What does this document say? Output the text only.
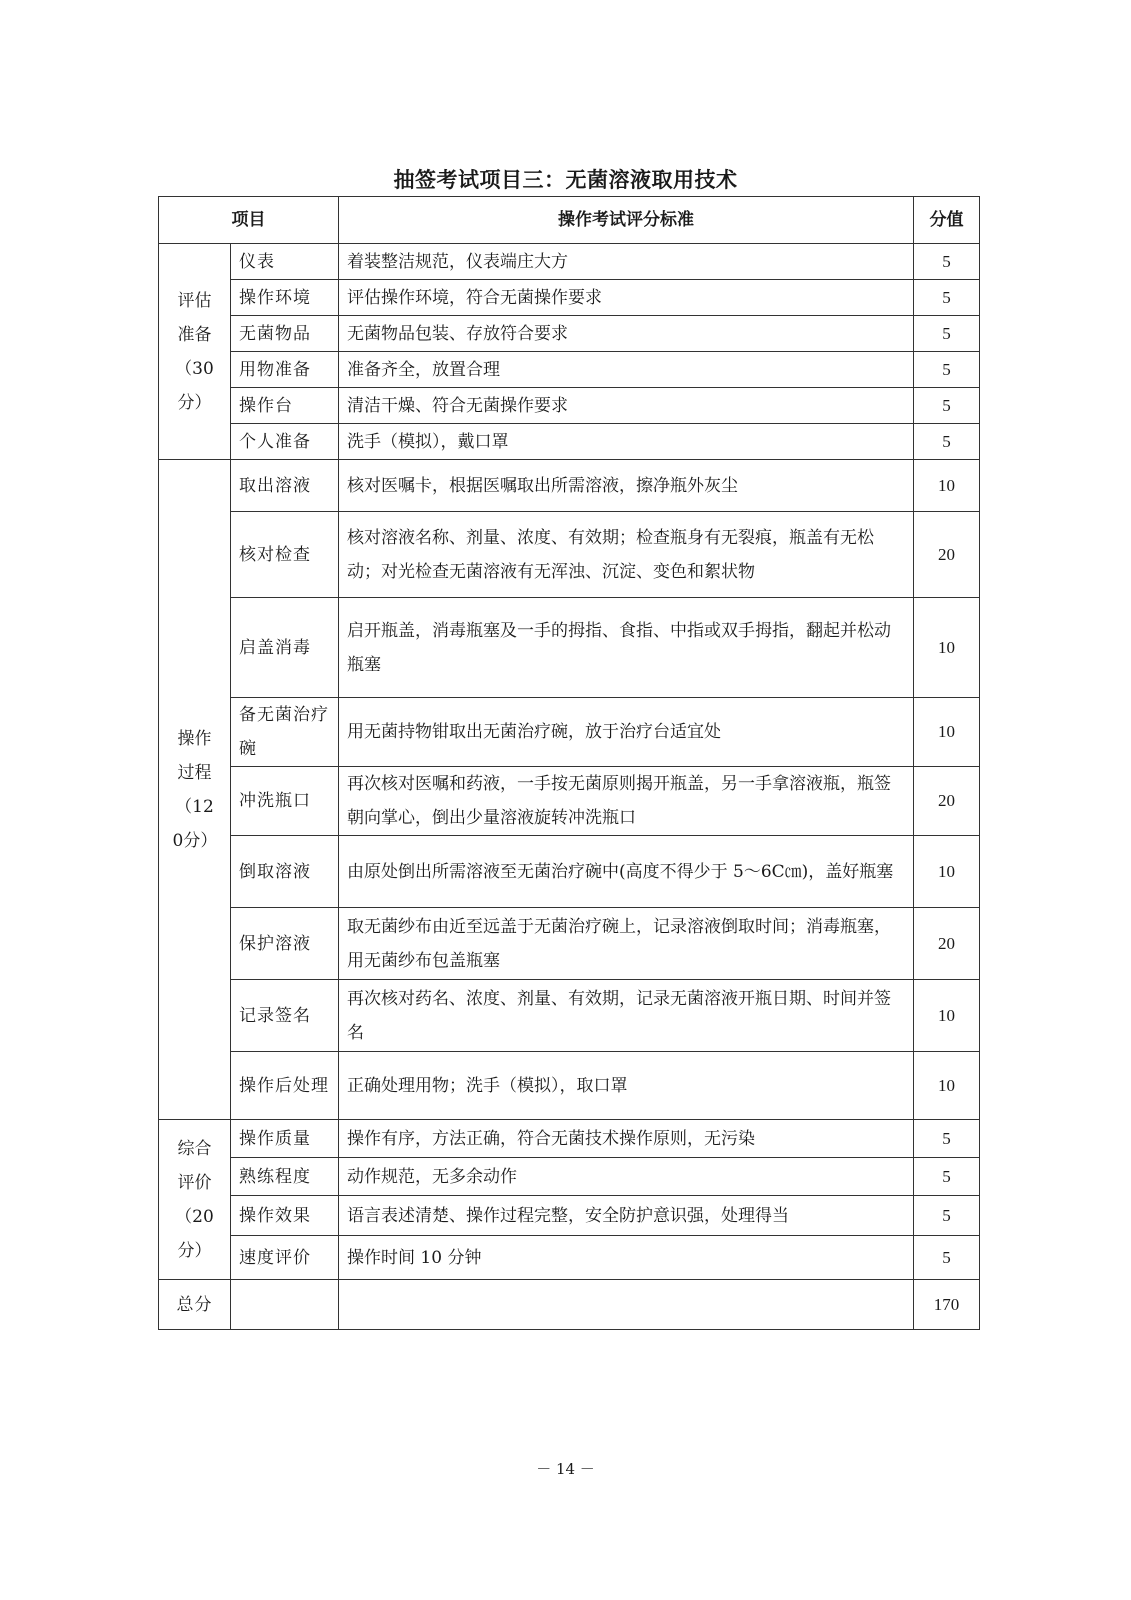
抽签考试项目三：无菌溶液取用技术
项目		操作考试评分标准	分值
评估准备（30分）	仪表	着装整洁规范，仪表端庄大方	5
	操作环境	评估操作环境，符合无菌操作要求	5
	无菌物品	无菌物品包装、存放符合要求	5
	用物准备	准备齐全，放置合理	5
	操作台	清洁干燥、符合无菌操作要求	5
	个人准备	洗手（模拟），戴口罩	5
操作过程（120分）	取出溶液	核对医嘱卡，根据医嘱取出所需溶液，擦净瓶外灰尘	10
	核对检查	核对溶液名称、剂量、浓度、有效期；检查瓶身有无裂痕，瓶盖有无松动；对光检查无菌溶液有无浑浊、沉淀、变色和絮状物	20
	启盖消毒	启开瓶盖，消毒瓶塞及一手的拇指、食指、中指或双手拇指，翻起并松动瓶塞	10
	备无菌治疗碗	用无菌持物钳取出无菌治疗碗，放于治疗台适宜处	10
	冲洗瓶口	再次核对医嘱和药液，一手按无菌原则揭开瓶盖，另一手拿溶液瓶，瓶签朝向掌心，倒出少量溶液旋转冲洗瓶口	20
	倒取溶液	由原处倒出所需溶液至无菌治疗碗中(高度不得少于 5～6C㎝)，盖好瓶塞	10
	保护溶液	取无菌纱布由近至远盖于无菌治疗碗上，记录溶液倒取时间；消毒瓶塞，用无菌纱布包盖瓶塞	20
	记录签名	再次核对药名、浓度、剂量、有效期，记录无菌溶液开瓶日期、时间并签名	10
	操作后处理	正确处理用物；洗手（模拟），取口罩	10
综合评价（20分）	操作质量	操作有序，方法正确，符合无菌技术操作原则，无污染	5
	熟练程度	动作规范，无多余动作	5
	操作效果	语言表述清楚、操作过程完整，安全防护意识强，处理得当	5
	速度评价	操作时间 10 分钟	5
总分			170
－ 14 －
